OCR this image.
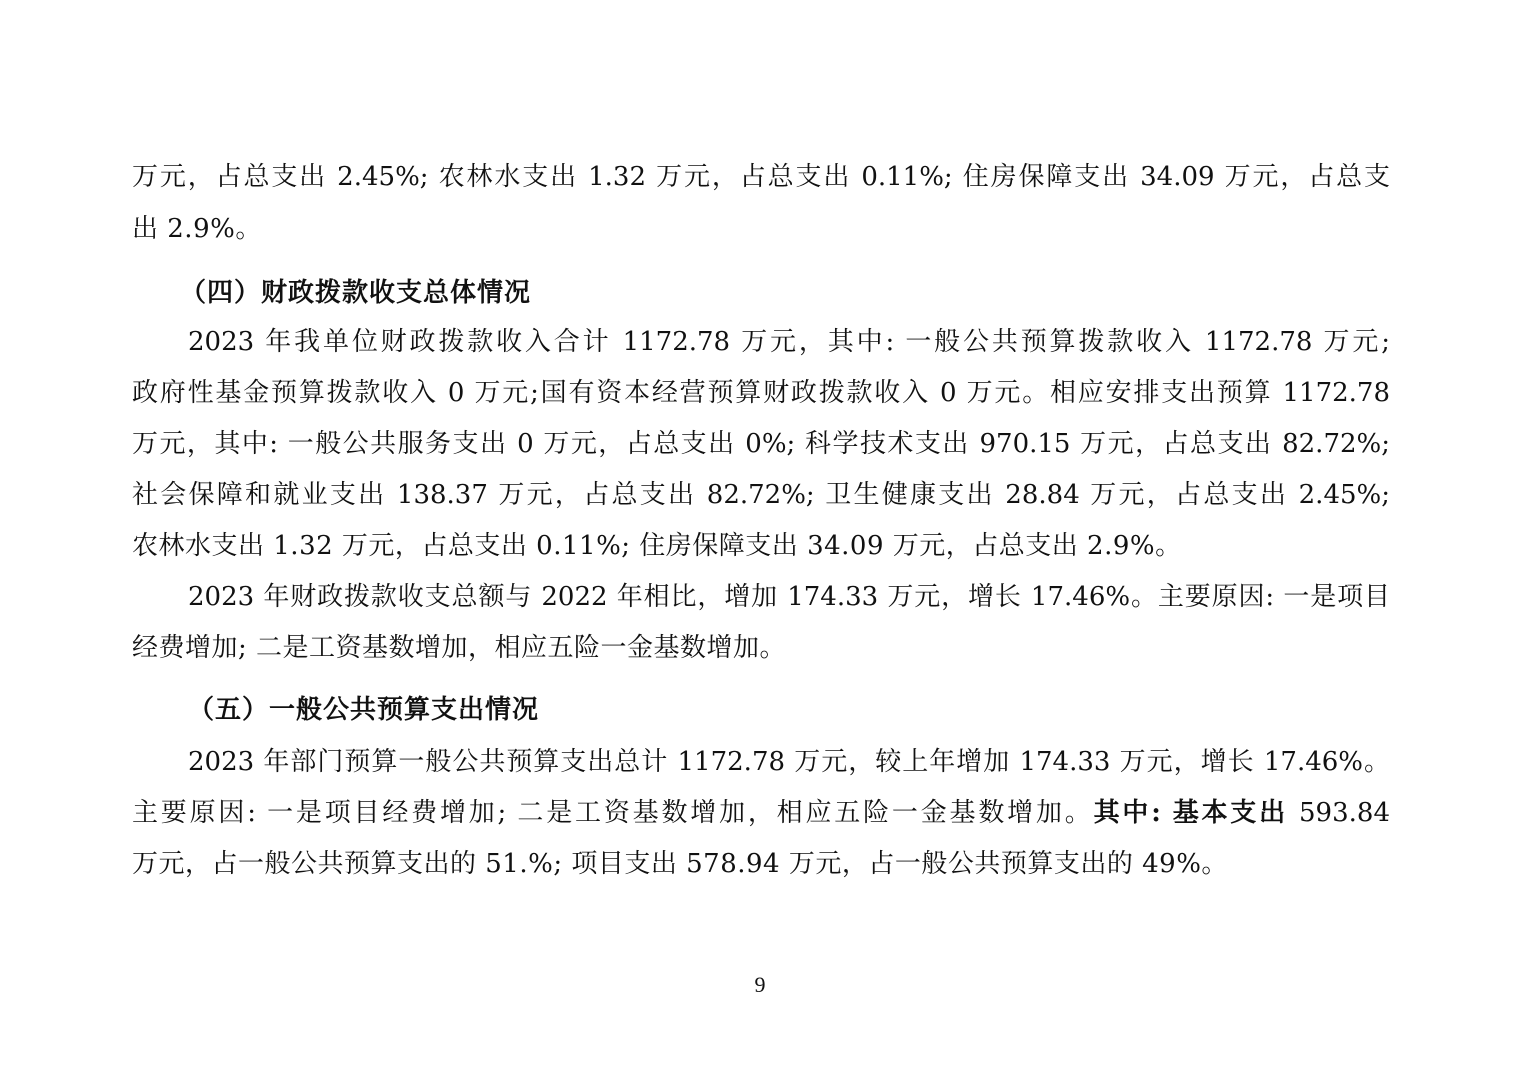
万元，占总支出 2.45%; 农林水支出 1.32 万元，占总支出 0.11%; 住房保障支出 34.09 万元，占总支
出 2.9%。
（四）财政拨款收支总体情况
2023 年我单位财政拨款收入合计 1172.78 万元，其中: 一般公共预算拨款收入 1172.78 万元;
政府性基金预算拨款收入 0 万元;国有资本经营预算财政拨款收入 0 万元。相应安排支出预算 1172.78
万元，其中: 一般公共服务支出 0 万元，占总支出 0%; 科学技术支出 970.15 万元，占总支出 82.72%;
社会保障和就业支出 138.37 万元，占总支出 82.72%; 卫生健康支出 28.84 万元，占总支出 2.45%;
农林水支出 1.32 万元，占总支出 0.11%; 住房保障支出 34.09 万元，占总支出 2.9%。
2023 年财政拨款收支总额与 2022 年相比，增加 174.33 万元，增长 17.46%。主要原因: 一是项目
经费增加; 二是工资基数增加，相应五险一金基数增加。
（五）一般公共预算支出情况
2023 年部门预算一般公共预算支出总计 1172.78 万元，较上年增加 174.33 万元，增长 17.46%。
主要原因: 一是项目经费增加; 二是工资基数增加，相应五险一金基数增加。其中: 基本支出 593.84
万元，占一般公共预算支出的 51.%; 项目支出 578.94 万元，占一般公共预算支出的 49%。
9
